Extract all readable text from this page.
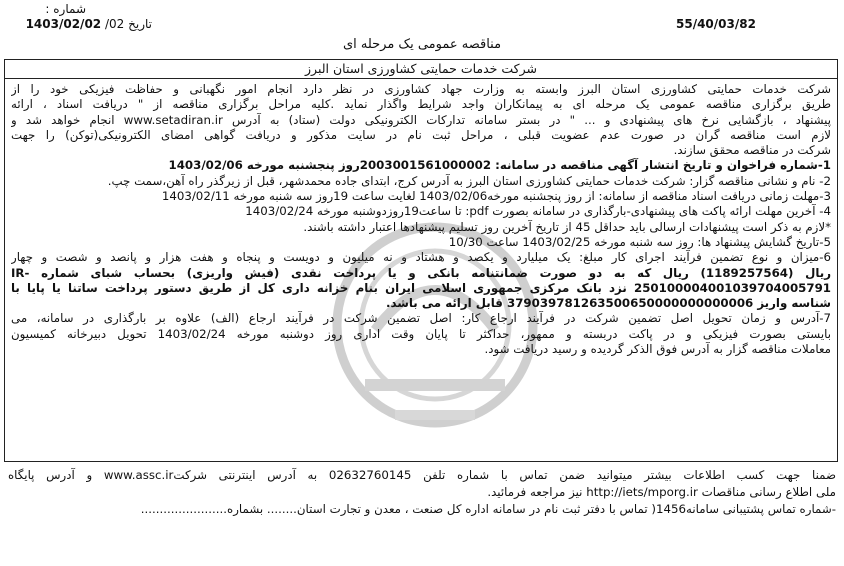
شماره :
تاریخ 02/ 1403/02/02	55/40/03/82
مناقصه عمومی یک مرحله ای
شرکت خدمات حمایتی کشاورزی استان البرز
شرکت خدمات حمایتی کشاورزی استان البرز وابسته به وزارت جهاد کشاورزی در نظر دارد انجام امور نگهبانی و حفاظت فیزیکی خود را از
طریق برگزاری مناقصه عمومی یک مرحله ای به پیمانکاران واجد شرایط واگذار نماید .کلیه مراحل برگزاری مناقصه از " دریافت اسناد ، ارائه
پیشنهاد ، بازگشایی نرخ های پیشنهادی و ... " در بستر سامانه تدارکات الکترونیکی دولت (ستاد) به آدرس www.setadiran.ir انجام خواهد شد و
لازم است مناقصه گران در صورت عدم عضویت قبلی ، مراحل ثبت نام در سایت مذکور و دریافت گواهی امضای الکترونیکی(توکن) را جهت
شرکت در مناقصه محقق سازند.
1-شماره فراخوان و تاریخ انتشار آگهی مناقصه در سامانه: 2003001561000002روز پنجشنبه مورخه 1403/02/06
2- نام و نشانی مناقصه گزار: شرکت خدمات حمایتی کشاورزی استان البرز به آدرس کرج، ابتدای جاده محمدشهر، قبل از زیرگذر راه آهن،سمت چپ.
3-مهلت زمانی دریافت اسناد مناقصه از سامانه: از روز پنجشنبه مورخه1403/02/06 لغایت ساعت 19روز سه شنبه مورخه 1403/02/11
4- آخرین مهلت ارائه پاکت های پیشنهادی-بارگذاری در سامانه بصورت pdf: تا ساعت19روزدوشنبه مورخه 1403/02/24
*لازم به ذکر است پیشنهادات ارسالی باید حداقل 45 از تاریخ آخرین روز تسلیم پیشنهادها اعتبار داشته باشند.
5-تاریخ گشایش پیشنهاد ها: روز سه شنبه مورخه 1403/02/25 ساعت 10/30
6-میزان و نوع تضمین فرآیند اجرای کار مبلغ: یک میلیارد و یکصد و هشتاد و نه میلیون و دویست و پنجاه و هفت هزار و پانصد و شصت و چهار
ریال (1189257564) ریال که به دو صورت ضمانتنامه بانکی و یا پرداخت نقدی (فیش واریزی) بحساب شبای شماره -IR
250100004001039704005791 نزد بانک مرکزی جمهوری اسلامی ایران بنام خزانه داری کل از طریق دستور پرداخت ساتنا یا پایا با
شناسه واریز 379039781263500650000000000006 قابل ارائه می باشد.
7-آدرس و زمان تحویل اصل تضمین شرکت در فرآیند ارجاع کار: اصل تضمین شرکت در فرآیند ارجاع (الف) علاوه بر بارگذاری در سامانه، می
بایستی بصورت فیزیکی و در پاکت دربسته و ممهور، حداکثر تا پایان وقت اداری روز دوشنبه مورخه 1403/02/24 تحویل دبیرخانه کمیسیون
معاملات مناقصه گزار به آدرس فوق الذکر گردیده و رسید دریافت شود.
ضمنا جهت کسب اطلاعات بیشتر میتوانید ضمن تماس با شماره تلفن 02632760145 به آدرس اینترنتی شرکتwww.assc.ir و آدرس پایگاه
ملی اطلاع رسانی مناقصات http://iets/mporg.ir نیز مراجعه فرمائید.
-شماره تماس پشتیبانی سامانه1456( تماس با دفتر ثبت نام در سامانه اداره کل صنعت ، معدن و تجارت استان........ بشماره.......................
